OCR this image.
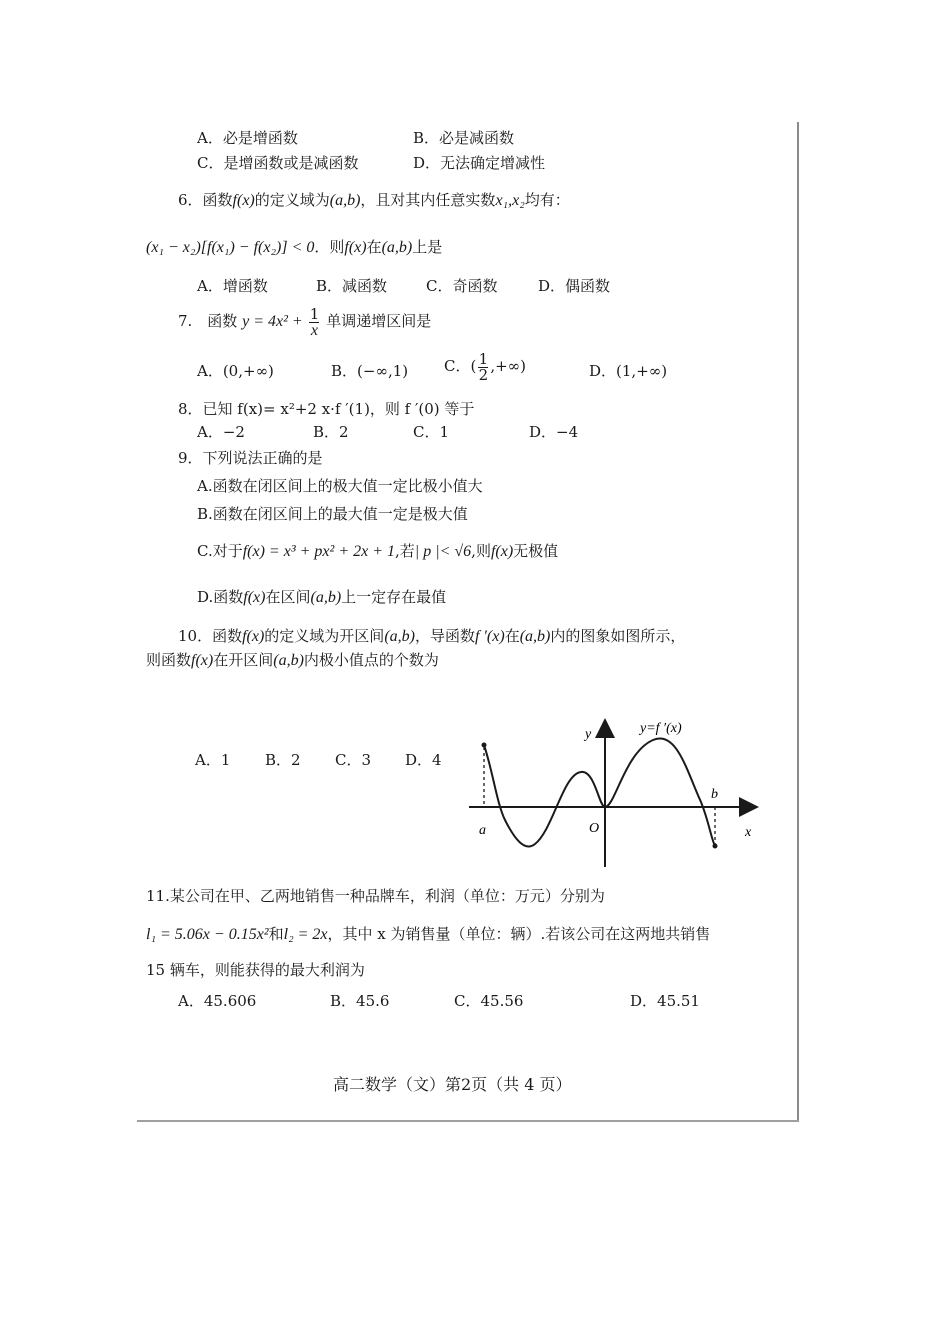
A．必是增函数	B．必是减函数
C．是增函数或是减函数	D．无法确定增减性
6．函数f(x)的定义域为(a,b)，且对其内任意实数x₁,x₂均有：
(x₁ − x₂)[f(x₁) − f(x₂)] < 0．则f(x)在(a,b)上是
A．增函数	B．减函数	C．奇函数	D．偶函数
7.　函数 $y = 4x^2 + \frac{1}{x}$ 单调递增区间是
A．(0,+∞)	B．(−∞,1) C．( $\frac{1}{2}$ ,+∞)	D．(1,+∞)
8．已知 f(x)= x²+2 x·f ′(1)，则 f ′(0) 等于
A．−2	B．2	C．1	D．−4
9．下列说法正确的是
A.函数在闭区间上的极大值一定比极小值大
B.函数在闭区间上的最大值一定是极大值
C.对于f(x) = x³ + px² + 2x + 1,若| p |< √6,则f(x)无极值
D.函数f(x)在区间(a,b)上一定存在最值
10．函数f(x)的定义域为开区间(a,b)，导函数f ′(x)在(a,b)内的图象如图所示，
则函数f(x)在开区间(a,b)内极小值点的个数为
A．1 B．2 C．3 D．4
y=f ′(x)
y
x
O
a
b
11.某公司在甲、乙两地销售一种品牌车，利润（单位：万元）分别为
l₁ = 5.06x − 0.15x²和l₂ = 2x，其中 x 为销售量（单位：辆）.若该公司在这两地共销售
15 辆车，则能获得的最大利润为
A．45.606	B．45.6	C．45.56	D．45.51
高二数学（文）第2页（共 4 页）
